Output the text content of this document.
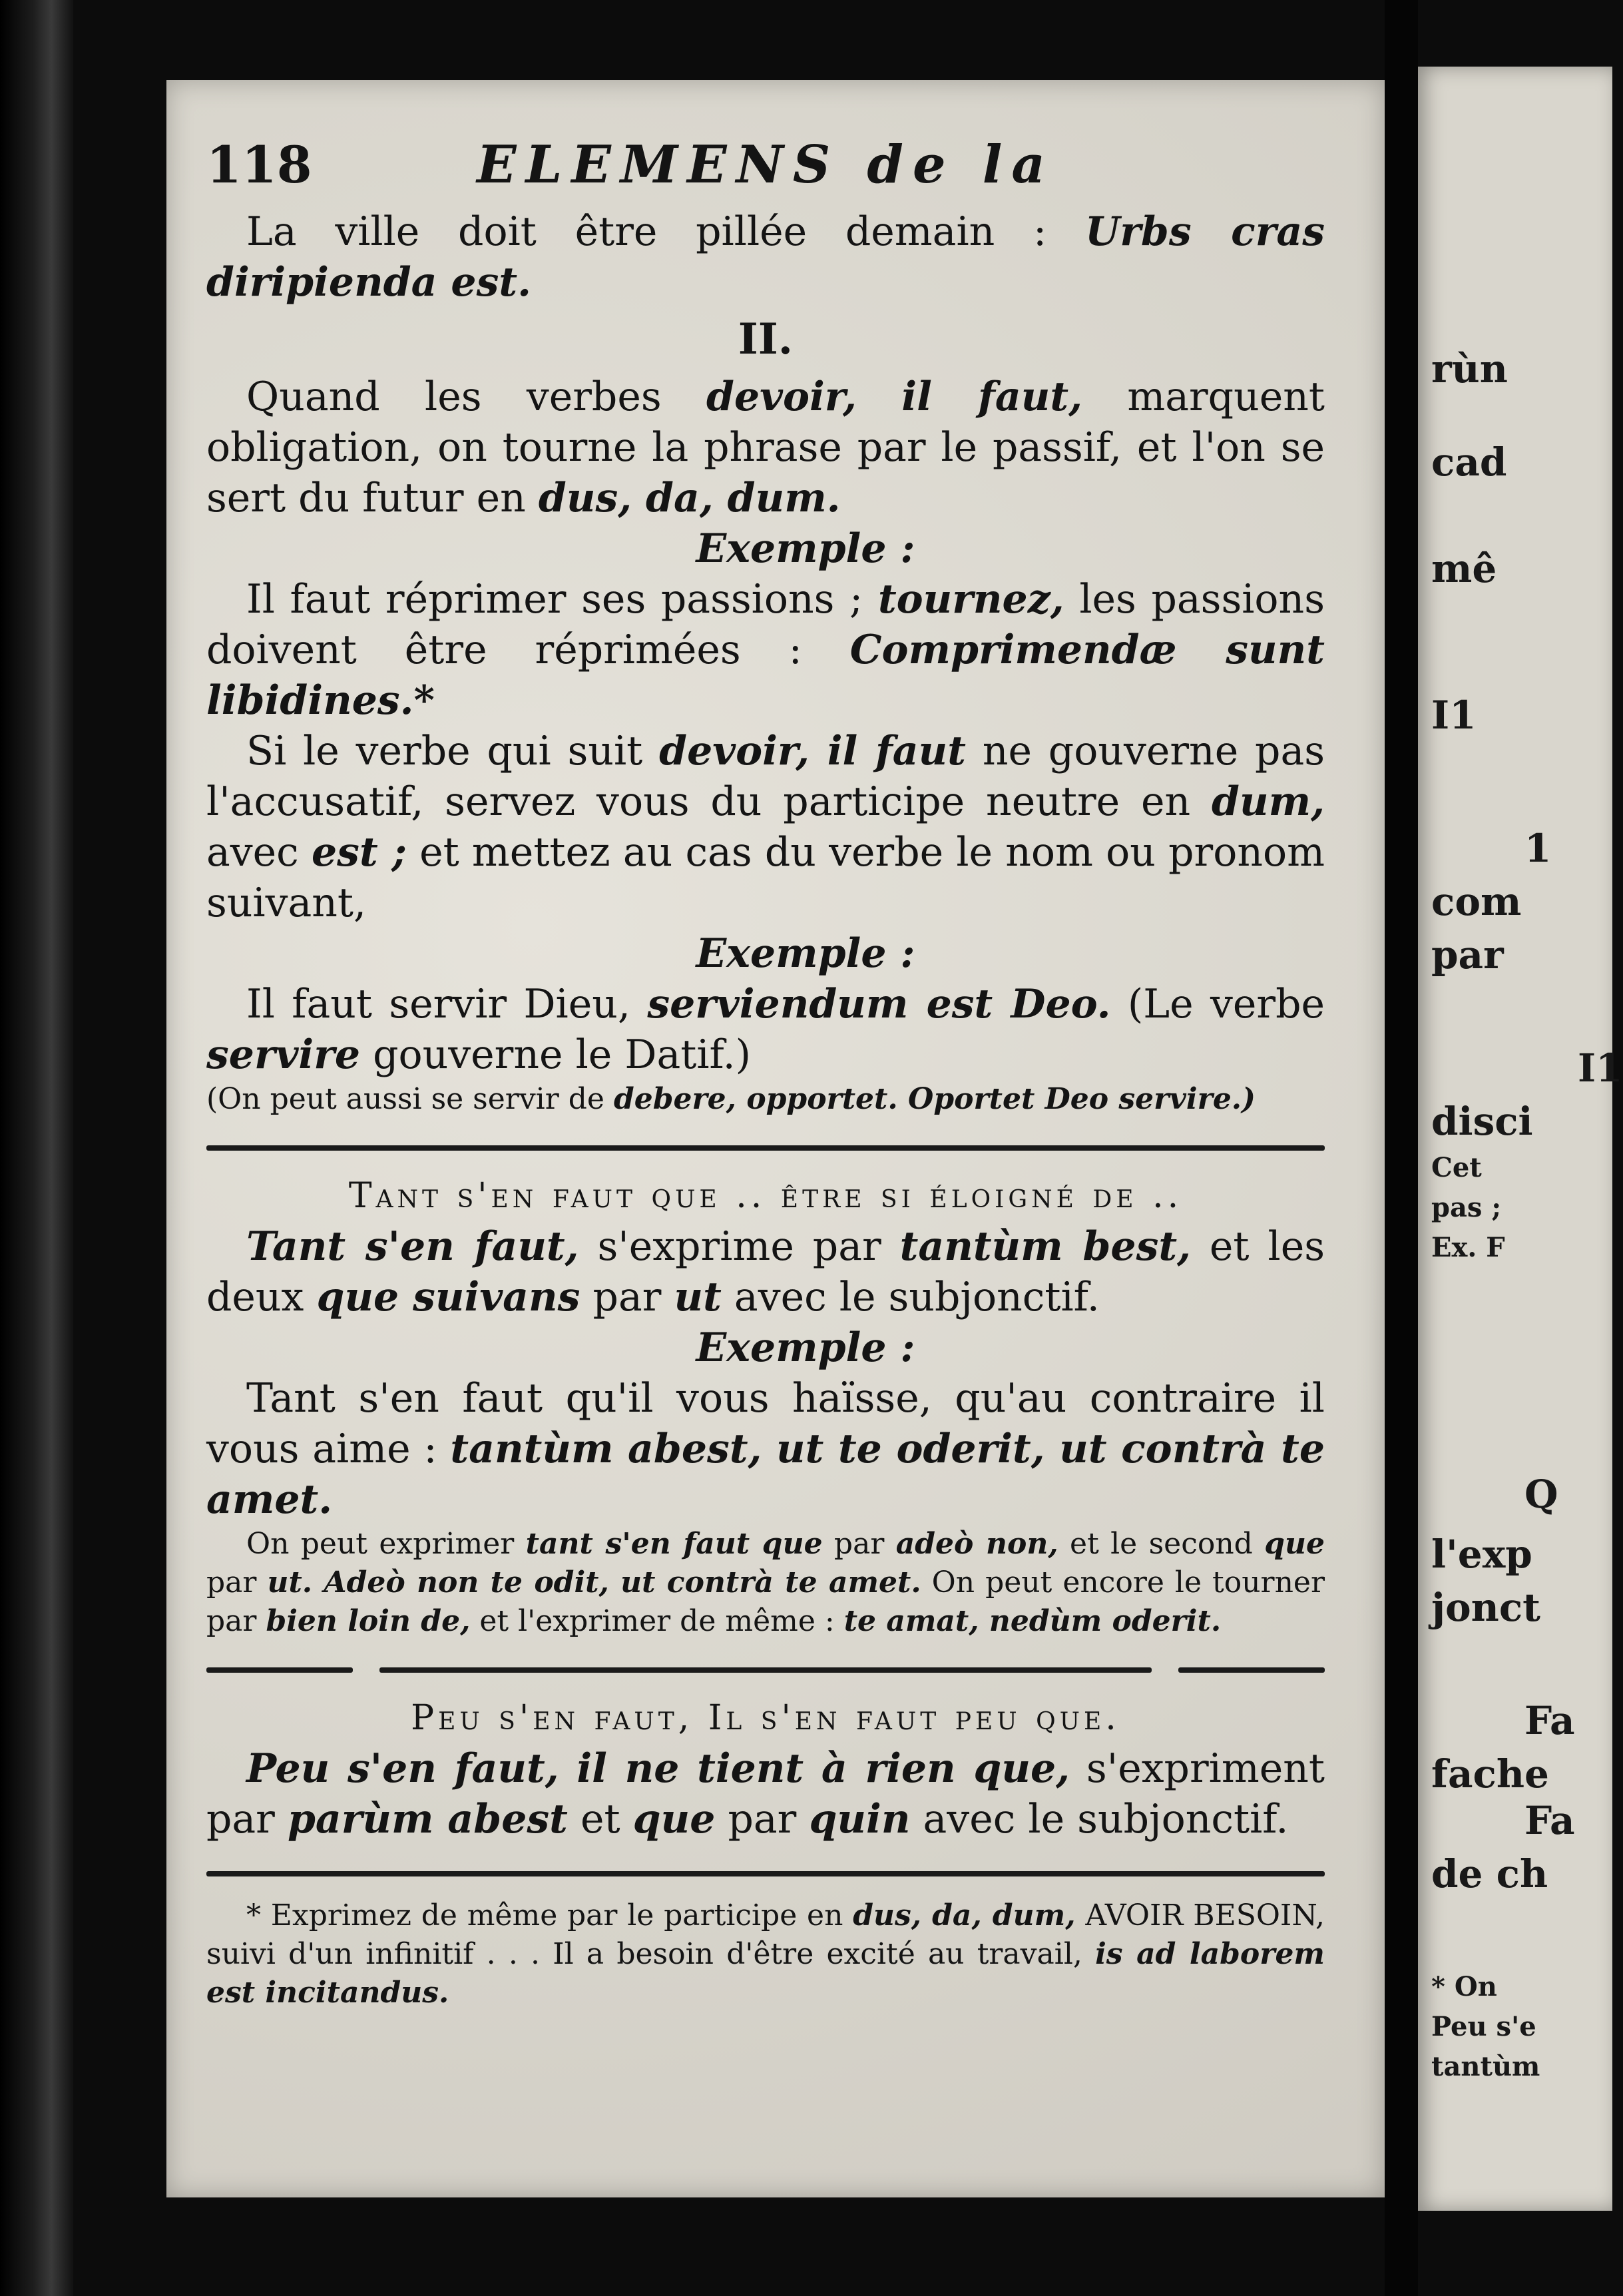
118	ELEMENS de la

La ville doit être pillée demain : Urbs cras diripienda est.

II.

Quand les verbes devoir, il faut, marquent obligation, on tourne la phrase par le passif, et l'on se sert du futur en dus, da, dum.

Exemple :

Il faut réprimer ses passions ; tournez, les passions doivent être réprimées : Comprimendæ sunt libidines.*

Si le verbe qui suit devoir, il faut ne gouverne pas l'accusatif, servez vous du participe neutre en dum, avec est ; et mettez au cas du verbe le nom ou pronom suivant,

Exemple :

Il faut servir Dieu, serviendum est Deo. (Le verbe servire gouverne le Datif.)

(On peut aussi se servir de debere, opportet. Oportet Deo servire.)

Tant s'en faut que .. être si éloigné de ..

Tant s'en faut, s'exprime par tantùm best, et les deux que suivans par ut avec le subjonctif.

Exemple :

Tant s'en faut qu'il vous haïsse, qu'au contraire il vous aime : tantùm abest, ut te oderit, ut contrà te amet.

On peut exprimer tant s'en faut que par adeò non, et le second que par ut. Adeò non te odit, ut contrà te amet. On peut encore le tourner par bien loin de, et l'exprimer de même : te amat, nedùm oderit.

Peu s'en faut, Il s'en faut peu que.

Peu s'en faut, il ne tient à rien que, s'expriment par parùm abest et que par quin avec le subjonctif.

* Exprimez de même par le participe en dus, da, dum, AVOIR BESOIN, suivi d'un infinitif . . . Il a besoin d'être excité au travail, is ad laborem est incitandus.

rùn
cad
mê
I1
1
com
par
I1
disci
Cet
pas ;
Ex. F
Q
l'exp
jonct
Fa
fache
Fa
de ch
* On
Peu s'e
tantùm
